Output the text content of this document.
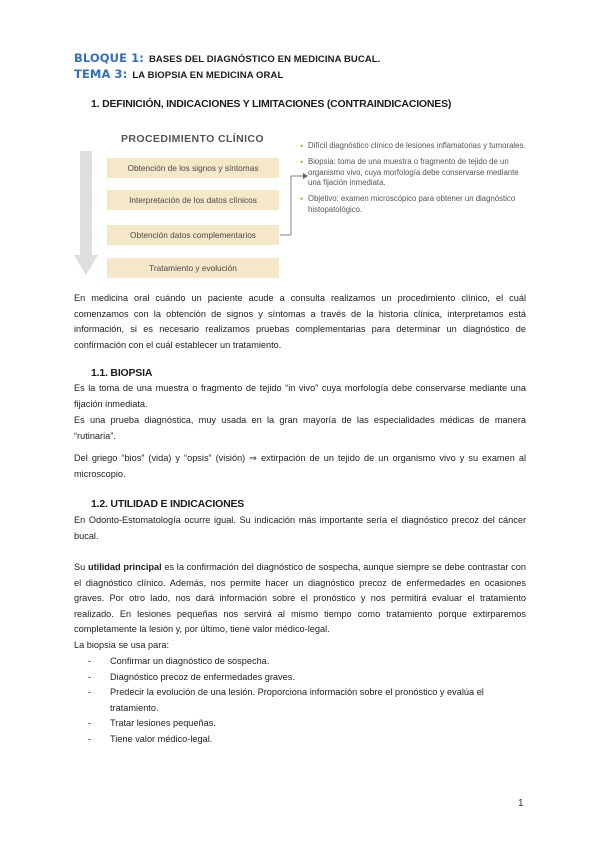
BLOQUE 1: BASES DEL DIAGNÓSTICO EN MEDICINA BUCAL.
TEMA 3: LA BIOPSIA EN MEDICINA ORAL
1. DEFINICIÓN, INDICACIONES Y LIMITACIONES (CONTRAINDICACIONES)
PROCEDIMIENTO CLÍNICO
Obtención de los signos y síntomas
Interpretación de los datos clínicos
Obtención datos complementarios
Tratamiento y evolución
• Difícil diagnóstico clínico de lesiones inflamatorias y tumorales.
• Biopsia: toma de una muestra o fragmento de tejido de un organismo vivo, cuya morfología debe conservarse mediante una fijación inmediata.
• Objetivo: examen microscópico para obtener un diagnóstico histopatológico.

En medicina oral cuándo un paciente acude a consulta realizamos un procedimiento clínico, el cuál comenzamos con la obtención de signos y síntomas a través de la historia clínica, interpretamos está información, si es necesario realizamos pruebas complementarias para determinar un diagnóstico de confirmación con el cuál establecer un tratamiento.

1.1. BIOPSIA

Es la toma de una muestra o fragmento de tejido “in vivo” cuya morfología debe conservarse mediante una fijación inmediata.

Es una prueba diagnóstica, muy usada en la gran mayoría de las especialidades médicas de manera “rutinaria”.

Del griego “bios” (vida) y “opsis” (visión) ⇒ extirpación de un tejido de un organismo vivo y su examen al microscopio.

1.2. UTILIDAD E INDICACIONES

En Odonto-Estomatología ocurre igual. Su indicación más importante sería el diagnóstico precoz del cáncer bucal.

Su utilidad principal es la confirmación del diagnóstico de sospecha, aunque siempre se debe contrastar con el diagnóstico clínico. Además, nos permite hacer un diagnóstico precoz de enfermedades en ocasiones graves. Por otro lado, nos dará información sobre el pronóstico y nos permitirá evaluar el tratamiento realizado. En lesiones pequeñas nos servirá al mismo tiempo como tratamiento porque extirparemos completamente la lesión y, por último, tiene valor médico-legal.

La biopsia se usa para:

- Confirmar un diagnóstico de sospecha.
- Diagnóstico precoz de enfermedades graves.
- Predecir la evolución de una lesión. Proporciona información sobre el pronóstico y evalúa el tratamiento.
- Tratar lesiones pequeñas.
- Tiene valor médico-legal.
1
